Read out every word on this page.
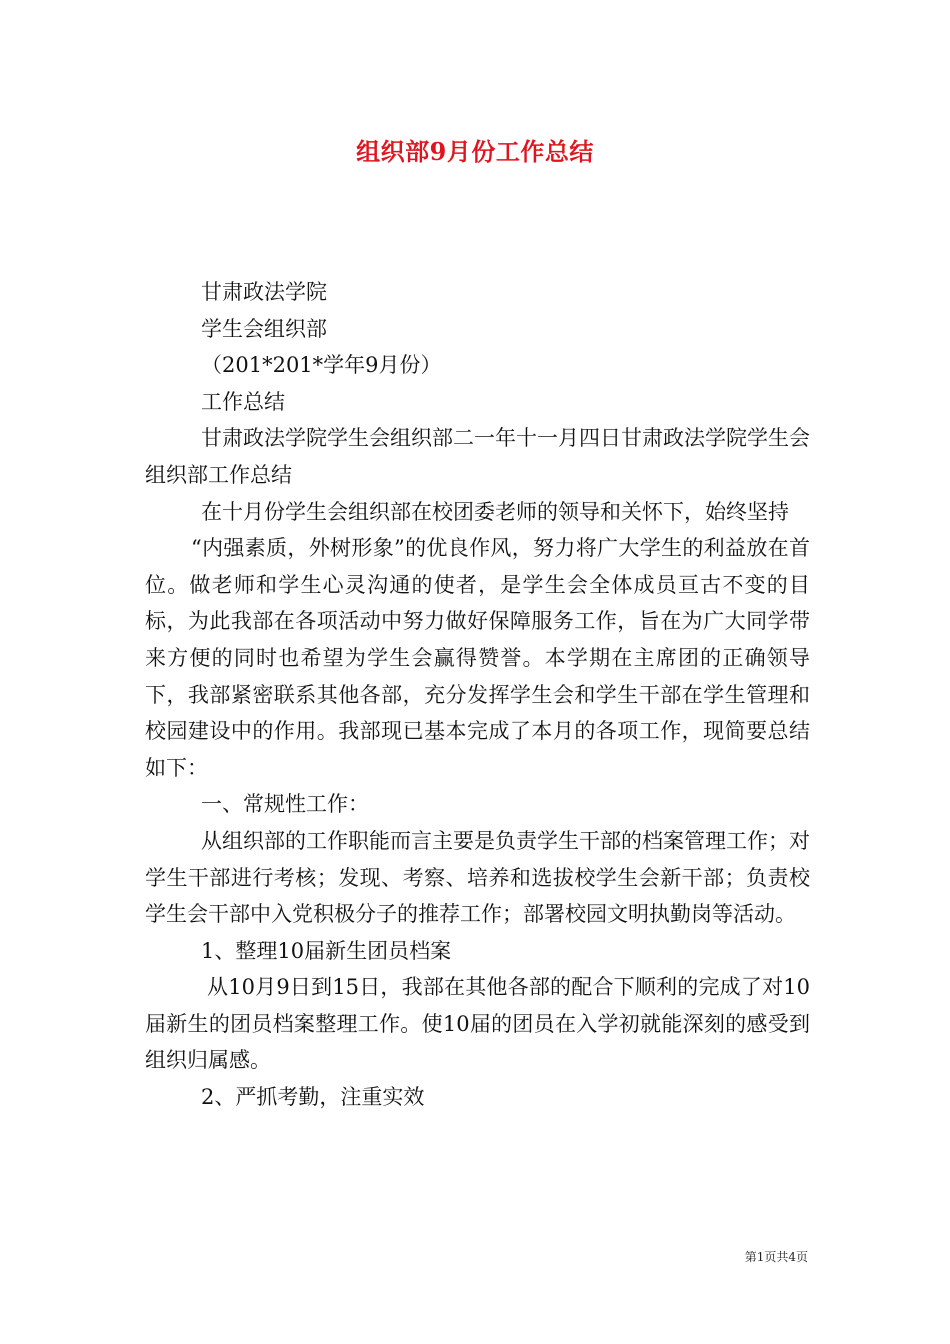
组织部9月份工作总结

甘肃政法学院

学生会组织部

（201*201*学年9月份）

工作总结

甘肃政法学院学生会组织部二一年十一月四日甘肃政法学院学生会组织部工作总结

在十月份学生会组织部在校团委老师的领导和关怀下，始终坚持

“内强素质，外树形象”的优良作风，努力将广大学生的利益放在首位。做老师和学生心灵沟通的使者，是学生会全体成员亘古不变的目标，为此我部在各项活动中努力做好保障服务工作，旨在为广大同学带来方便的同时也希望为学生会赢得赞誉。本学期在主席团的正确领导下，我部紧密联系其他各部，充分发挥学生会和学生干部在学生管理和校园建设中的作用。我部现已基本完成了本月的各项工作，现简要总结如下：

一、常规性工作：

从组织部的工作职能而言主要是负责学生干部的档案管理工作；对学生干部进行考核；发现、考察、培养和选拔校学生会新干部；负责校学生会干部中入党积极分子的推荐工作；部署校园文明执勤岗等活动。

1、整理10届新生团员档案

从10月9日到15日，我部在其他各部的配合下顺利的完成了对10届新生的团员档案整理工作。使10届的团员在入学初就能深刻的感受到组织归属感。

2、严抓考勤，注重实效

第1页共4页
